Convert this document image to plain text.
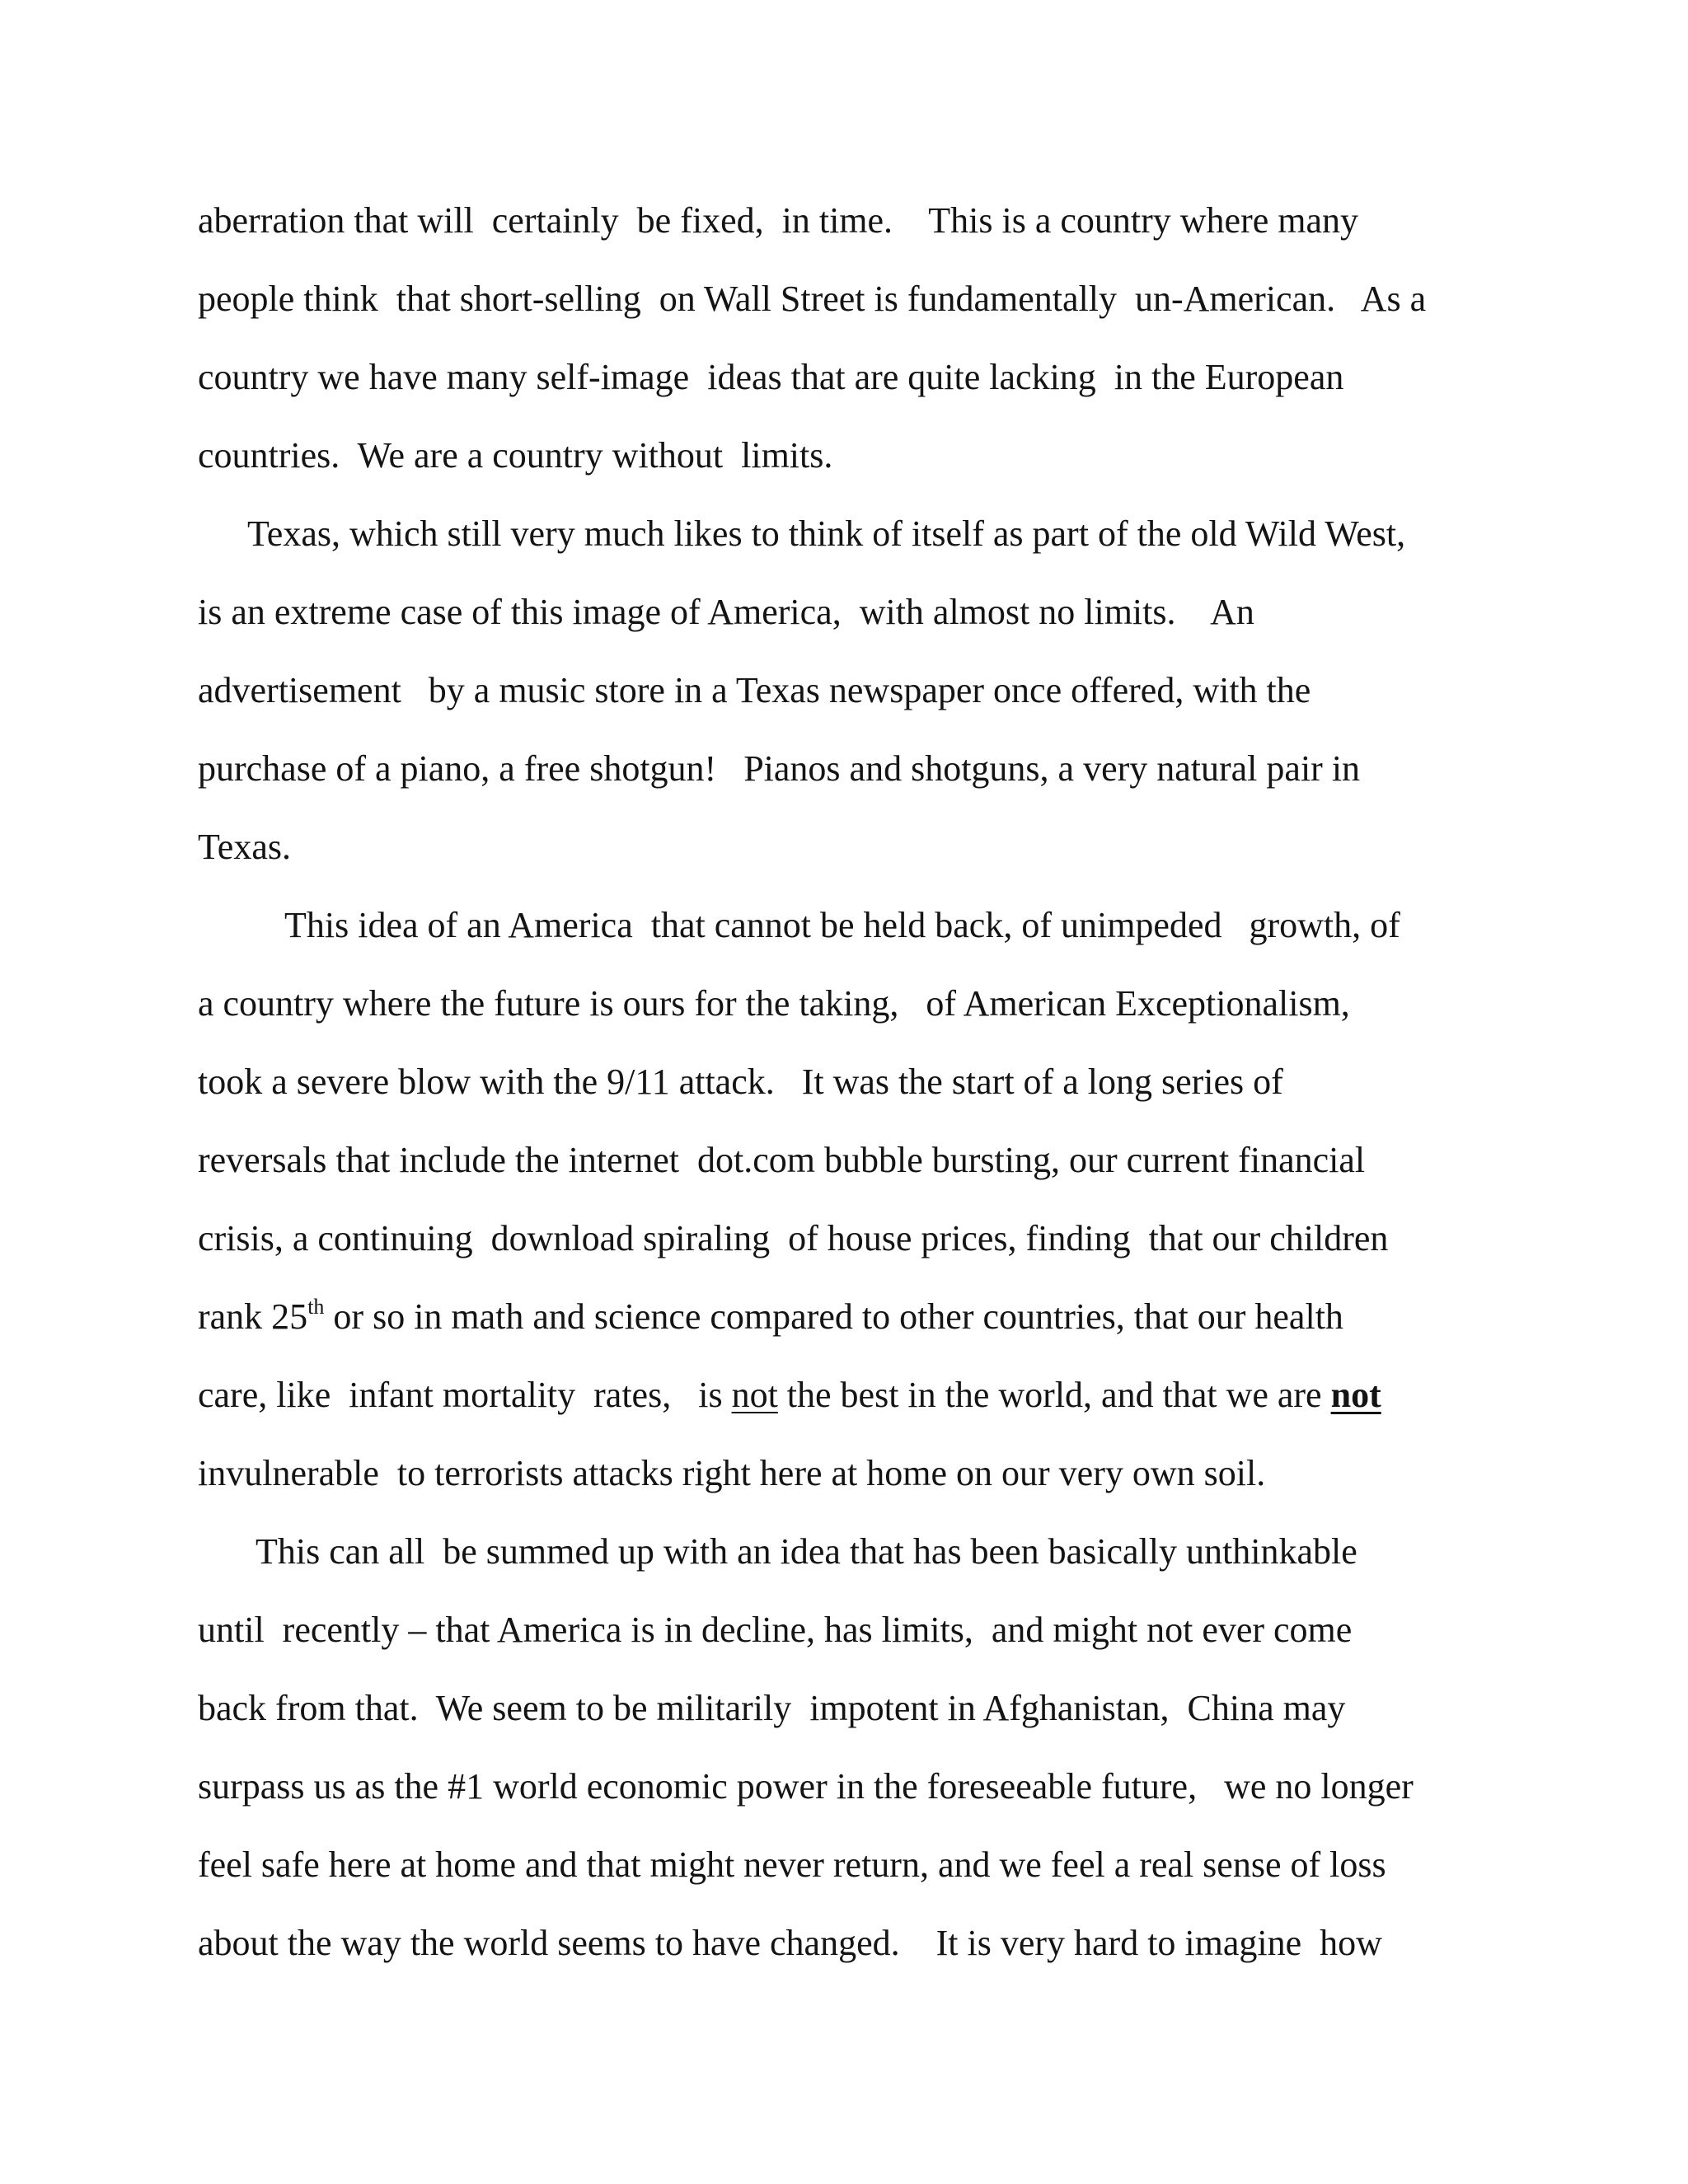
aberration that will  certainly  be fixed,  in time.    This is a country where many
people think  that short-selling  on Wall Street is fundamentally  un-American.   As a
country we have many self-image  ideas that are quite lacking  in the European
countries.  We are a country without  limits.
Texas, which still very much likes to think of itself as part of the old Wild West,
is an extreme case of this image of America,  with almost no limits.    An
advertisement   by a music store in a Texas newspaper once offered, with the
purchase of a piano, a free shotgun!   Pianos and shotguns, a very natural pair in
Texas.
This idea of an America  that cannot be held back, of unimpeded   growth, of
a country where the future is ours for the taking,   of American Exceptionalism,
took a severe blow with the 9/11 attack.   It was the start of a long series of
reversals that include the internet  dot.com bubble bursting, our current financial
crisis, a continuing  download spiraling  of house prices, finding  that our children
rank 25th or so in math and science compared to other countries, that our health
care, like  infant mortality  rates,   is not the best in the world, and that we are not
invulnerable  to terrorists attacks right here at home on our very own soil.
This can all  be summed up with an idea that has been basically unthinkable
until  recently – that America is in decline, has limits,  and might not ever come
back from that.  We seem to be militarily  impotent in Afghanistan,  China may
surpass us as the #1 world economic power in the foreseeable future,   we no longer
feel safe here at home and that might never return, and we feel a real sense of loss
about the way the world seems to have changed.    It is very hard to imagine  how
